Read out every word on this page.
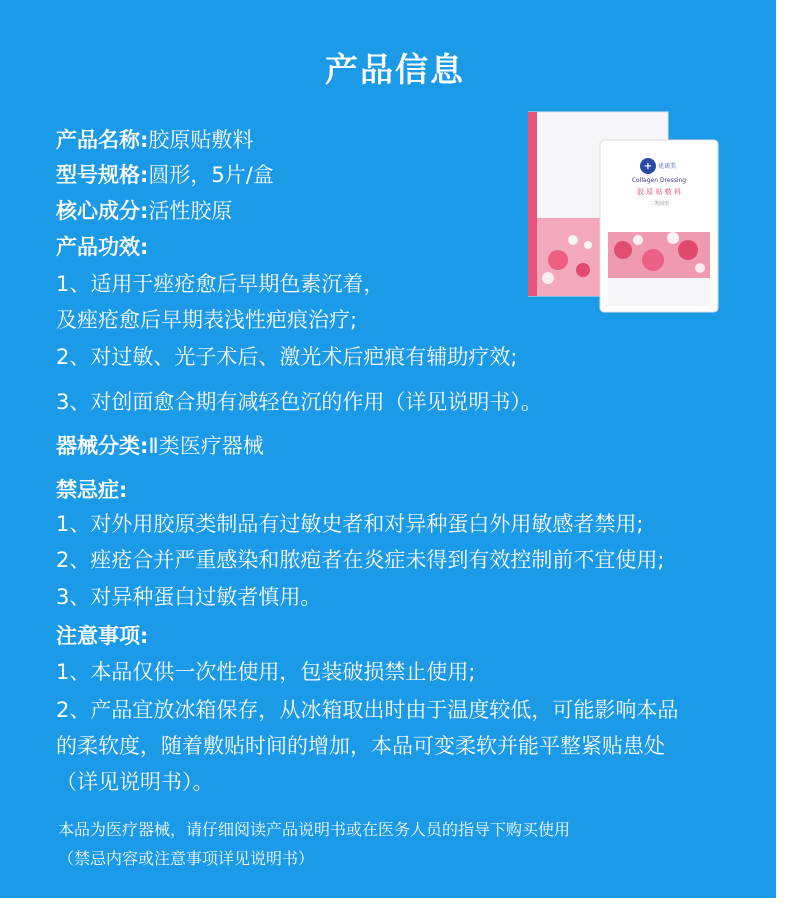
产品信息
产品名称:胶原贴敷料
型号规格:圆形，5片/盒
核心成分:活性胶原
产品功效:
1、适用于痤疮愈后早期色素沉着，
及痤疮愈后早期表浅性疤痕治疗;
2、对过敏、光子术后、激光术后疤痕有辅助疗效;
3、对创面愈合期有减轻色沉的作用（详见说明书）。
器械分类:Ⅱ类医疗器械
禁忌症:
1、对外用胶原类制品有过敏史者和对异种蛋白外用敏感者禁用;
2、痤疮合并严重感染和脓疱者在炎症未得到有效控制前不宜使用;
3、对异种蛋白过敏者慎用。
注意事项:
1、本品仅供一次性使用，包装破损禁止使用;
2、产品宜放冰箱保存，从冰箱取出时由于温度较低，可能影响本品
的柔软度，随着敷贴时间的增加，本品可变柔软并能平整紧贴患处
（详见说明书）。
本品为医疗器械，请仔细阅读产品说明书或在医务人员的指导下购买使用
（禁忌内容或注意事项详见说明书）
+ 优诺美
Collagen Dressing
胶 原 贴 敷 料
二类圆形
